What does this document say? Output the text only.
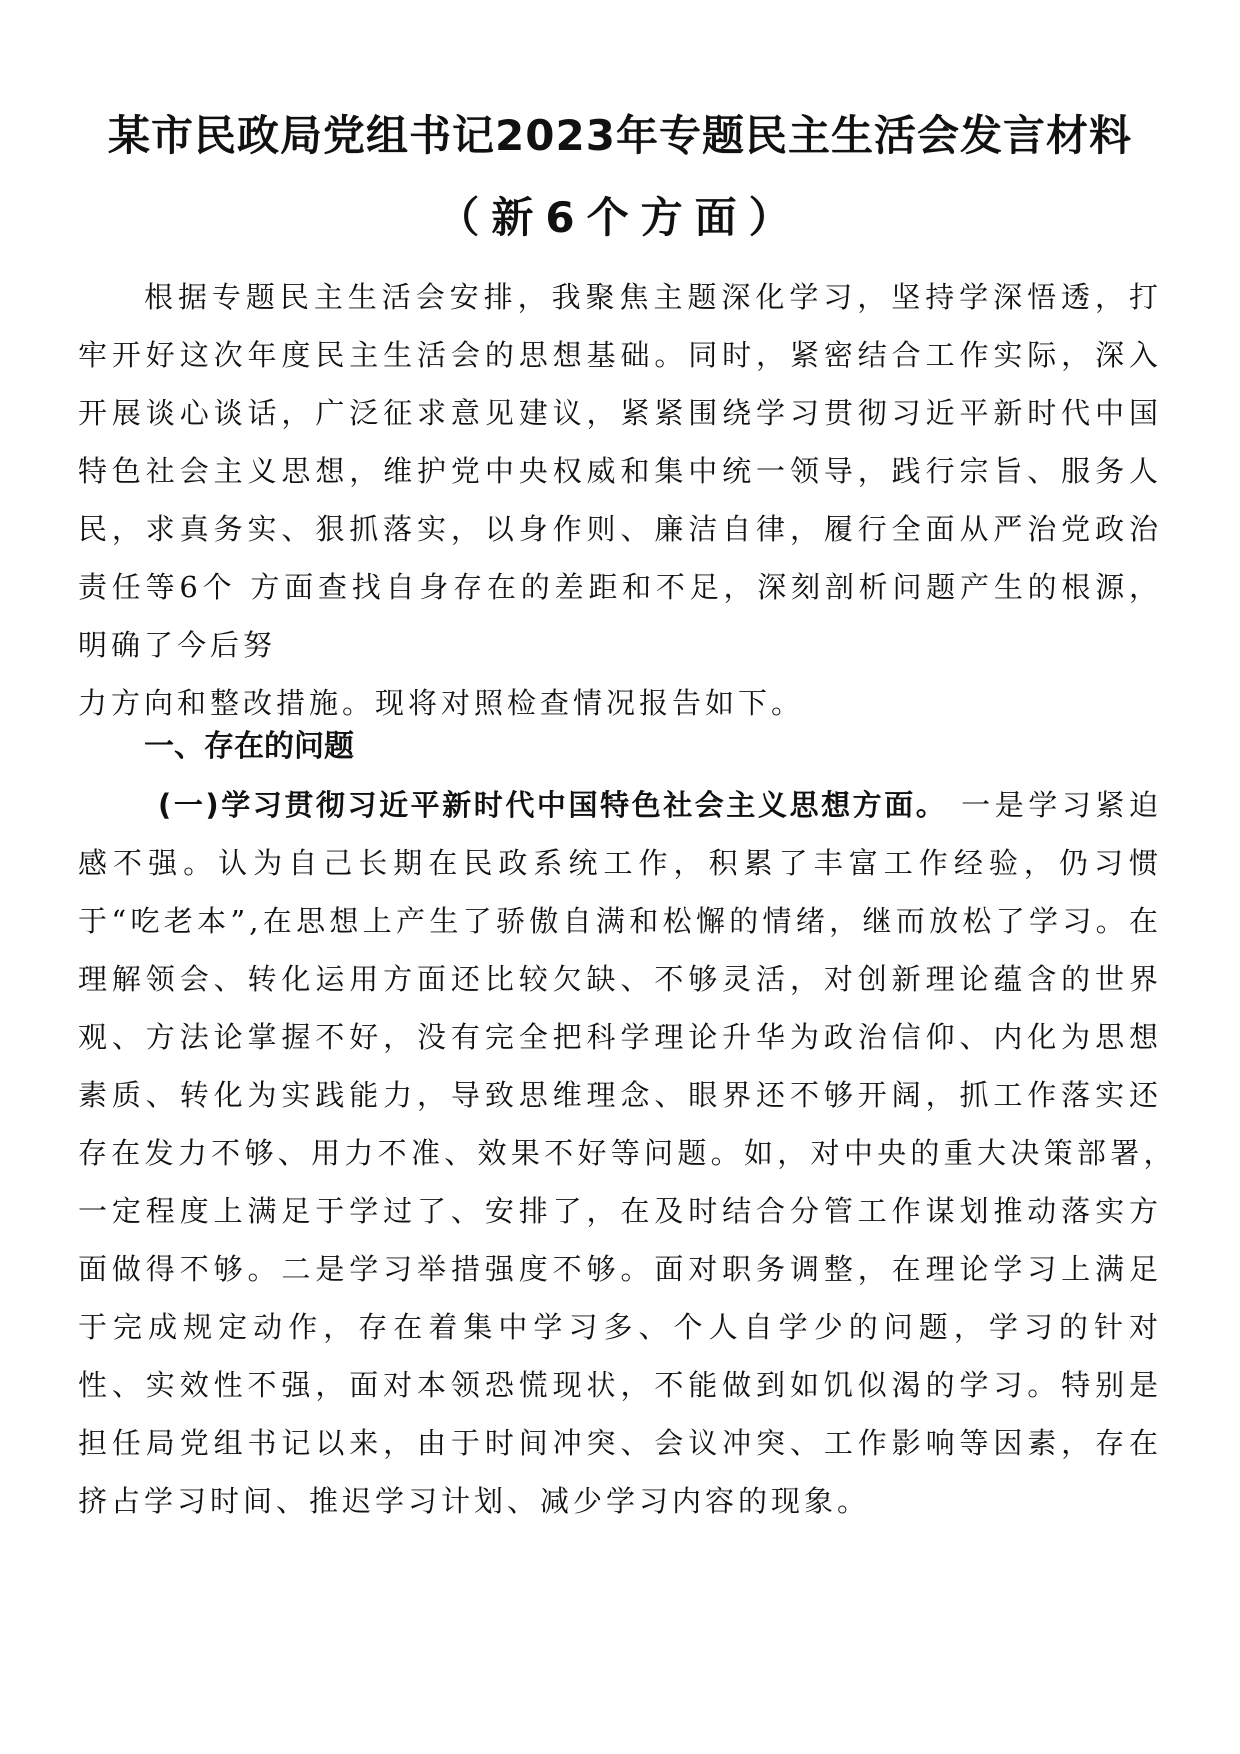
某市民政局党组书记2023年专题民主生活会发言材料
（新6个方面）

根据专题民主生活会安排，我聚焦主题深化学习，坚持学深悟透，打牢开好这次年度民主生活会的思想基础。同时，紧密结合工作实际，深入开展谈心谈话，广泛征求意见建议，紧紧围绕学习贯彻习近平新时代中国特色社会主义思想，维护党中央权威和集中统一领导，践行宗旨、服务人民，求真务实、狠抓落实，以身作则、廉洁自律，履行全面从严治党政治责任等6个 方面查找自身存在的差距和不足，深刻剖析问题产生的根源，明确了今后努
力方向和整改措施。现将对照检查情况报告如下。

一、存在的问题

(一)学习贯彻习近平新时代中国特色社会主义思想方面。 一是学习紧迫感不强。认为自己长期在民政系统工作，积累了丰富工作经验，仍习惯于“吃老本”,在思想上产生了骄傲自满和松懈的情绪，继而放松了学习。在理解领会、转化运用方面还比较欠缺、不够灵活，对创新理论蕴含的世界观、方法论掌握不好，没有完全把科学理论升华为政治信仰、内化为思想素质、转化为实践能力，导致思维理念、眼界还不够开阔，抓工作落实还存在发力不够、用力不准、效果不好等问题。如，对中央的重大决策部署，　一定程度上满足于学过了、安排了，在及时结合分管工作谋划推动落实方面做得不够。二是学习举措强度不够。面对职务调整，在理论学习上满足于完成规定动作，存在着集中学习多、个人自学少的问题，学习的针对性、实效性不强，面对本领恐慌现状，不能做到如饥似渴的学习。特别是担任局党组书记以来，由于时间冲突、会议冲突、工作影响等因素，存在挤占学习时间、推迟学习计划、减少学习内容的现象。
